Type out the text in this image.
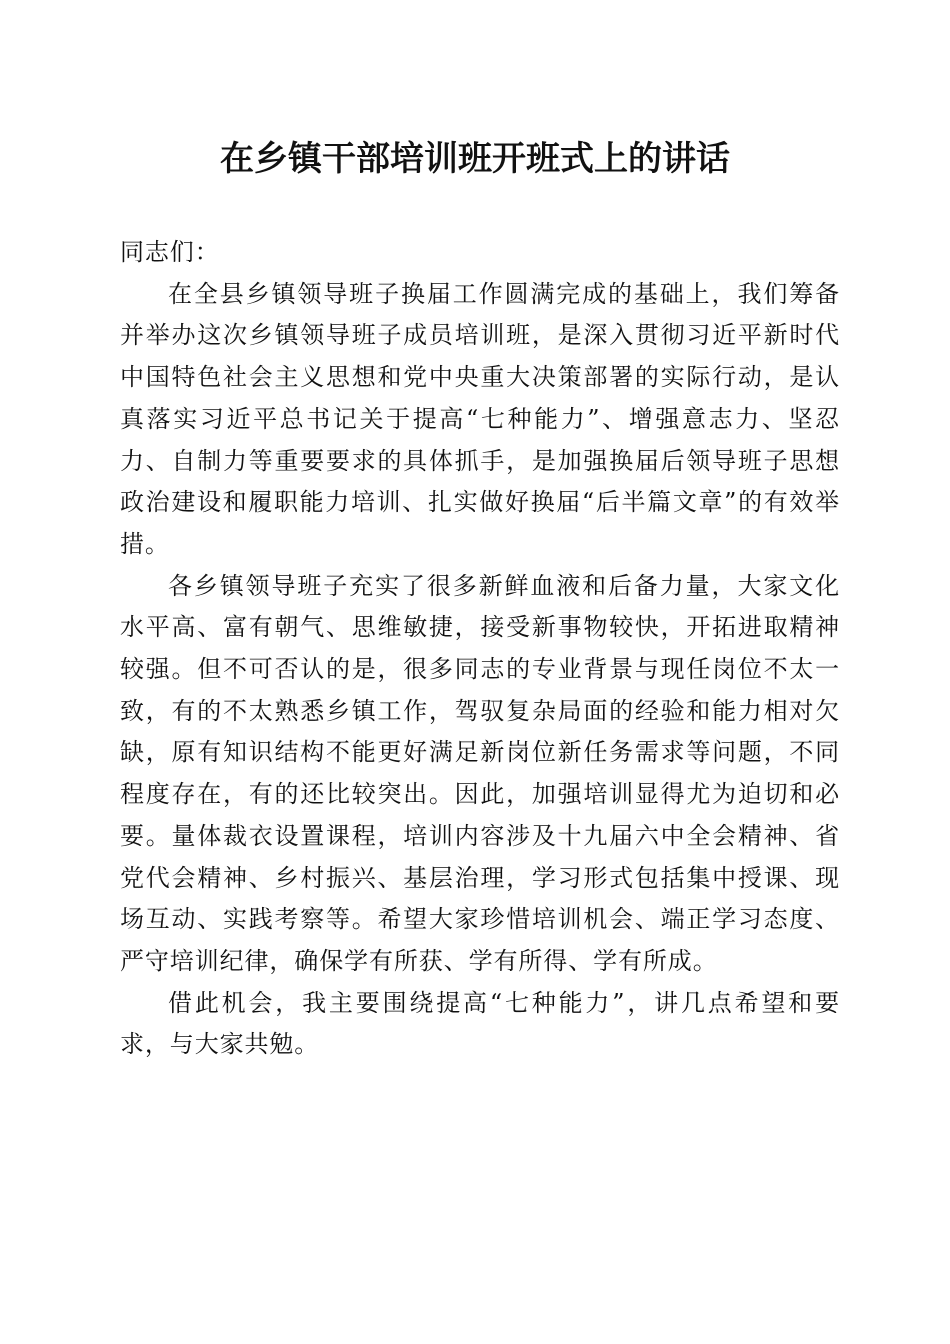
在乡镇干部培训班开班式上的讲话

同志们：

在全县乡镇领导班子换届工作圆满完成的基础上，我们筹备并举办这次乡镇领导班子成员培训班，是深入贯彻习近平新时代中国特色社会主义思想和党中央重大决策部署的实际行动，是认真落实习近平总书记关于提高“七种能力”、增强意志力、坚忍力、自制力等重要要求的具体抓手，是加强换届后领导班子思想政治建设和履职能力培训、扎实做好换届“后半篇文章”的有效举措。

各乡镇领导班子充实了很多新鲜血液和后备力量，大家文化水平高、富有朝气、思维敏捷，接受新事物较快，开拓进取精神较强。但不可否认的是，很多同志的专业背景与现任岗位不太一致，有的不太熟悉乡镇工作，驾驭复杂局面的经验和能力相对欠缺，原有知识结构不能更好满足新岗位新任务需求等问题，不同程度存在，有的还比较突出。因此，加强培训显得尤为迫切和必要。量体裁衣设置课程，培训内容涉及十九届六中全会精神、省党代会精神、乡村振兴、基层治理，学习形式包括集中授课、现场互动、实践考察等。希望大家珍惜培训机会、端正学习态度、严守培训纪律，确保学有所获、学有所得、学有所成。

借此机会，我主要围绕提高“七种能力”，讲几点希望和要求，与大家共勉。
